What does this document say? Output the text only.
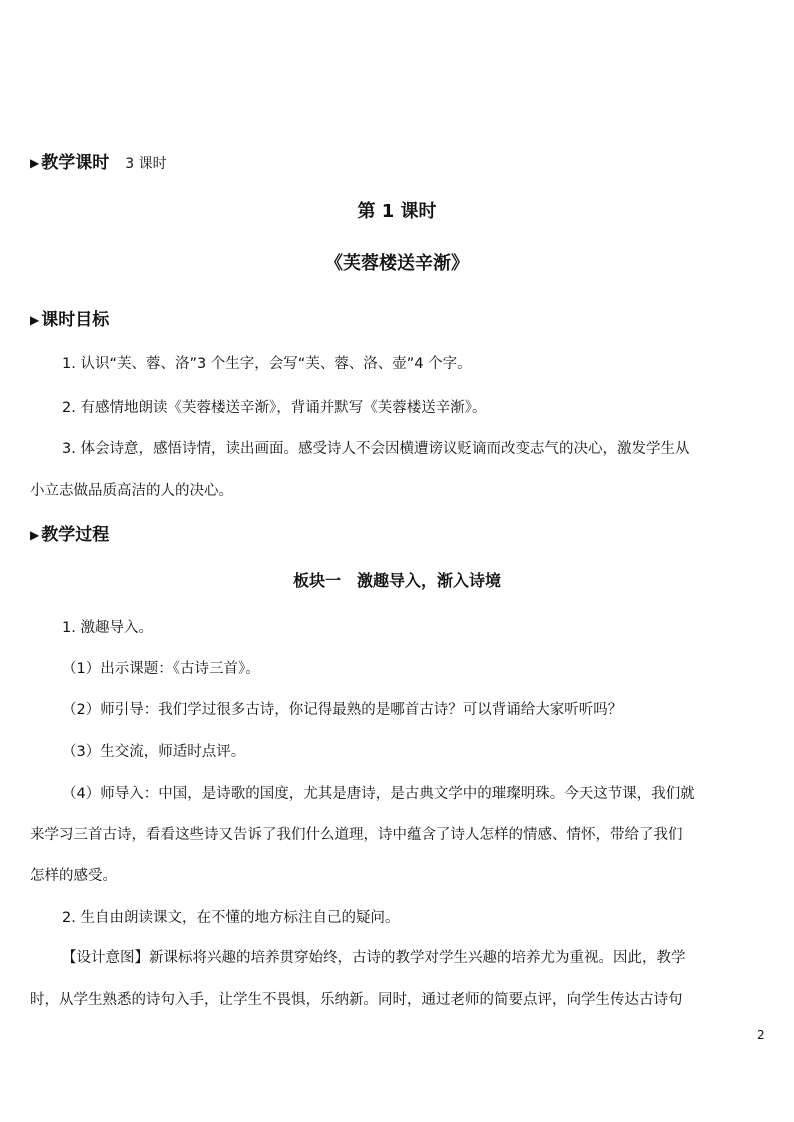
▶ 教学课时 3 课时
第 1 课时
《芙蓉楼送辛渐》
▶ 课时目标
1. 认识“芙、蓉、洛”3 个生字，会写“芙、蓉、洛、壶”4 个字。
2. 有感情地朗读《芙蓉楼送辛渐》，背诵并默写《芙蓉楼送辛渐》。
3. 体会诗意，感悟诗情，读出画面。感受诗人不会因横遭谤议贬谪而改变志气的决心，激发学生从
小立志做品质高洁的人的决心。
▶ 教学过程
板块一　激趣导入，渐入诗境
1. 激趣导入。
（1）出示课题：《古诗三首》。
（2）师引导：我们学过很多古诗，你记得最熟的是哪首古诗？可以背诵给大家听听吗？
（3）生交流，师适时点评。
（4）师导入：中国，是诗歌的国度，尤其是唐诗，是古典文学中的璀璨明珠。今天这节课，我们就
来学习三首古诗，看看这些诗又告诉了我们什么道理，诗中蕴含了诗人怎样的情感、情怀，带给了我们
怎样的感受。
2. 生自由朗读课文，在不懂的地方标注自己的疑问。
【设计意图】新课标将兴趣的培养贯穿始终，古诗的教学对学生兴趣的培养尤为重视。因此，教学
时，从学生熟悉的诗句入手，让学生不畏惧，乐纳新。同时，通过老师的简要点评，向学生传达古诗句
2
